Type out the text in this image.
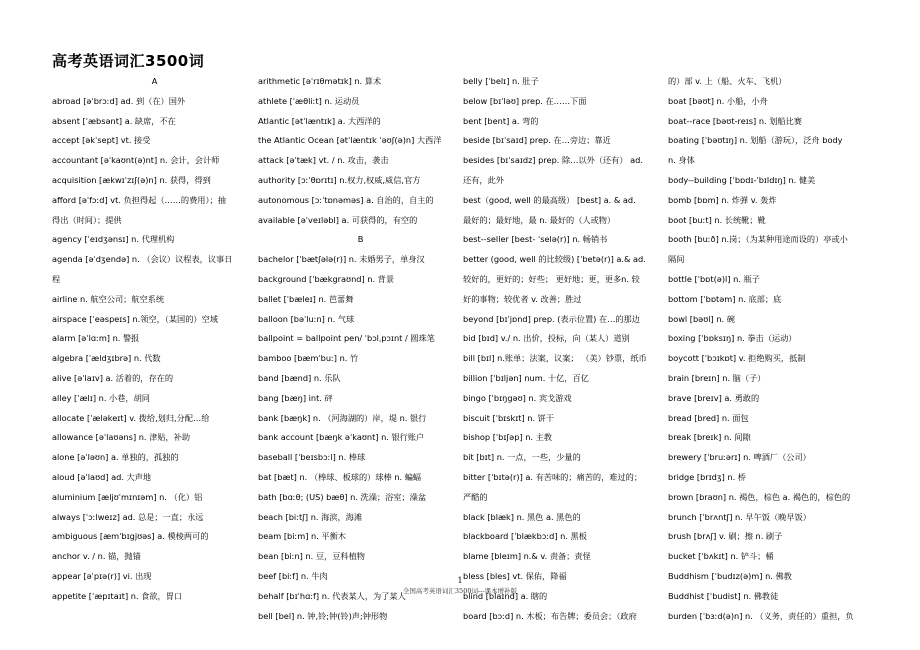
高考英语词汇3500词
A
abroad [əˈbrɔːd] ad. 到（在）国外
absent [ˈæbsənt] a. 缺席，不在
accept [əkˈsept] vt. 接受
accountant [əˈkaʊnt(ə)nt] n. 会计，会计师
acquisition [ækwɪˈzɪʃ(ə)n] n. 获得，得到
afford [əˈfɔːd] vt. 负担得起（……的费用）；抽
得出（时间）；提供
agency [ˈeɪdʒənsɪ] n. 代理机构
agenda [əˈdʒendə] n. （会议）议程表，议事日
程
airline n. 航空公司；航空系统
airspace [ˈeəspeɪs] n.领空，（某国的）空域
alarm [əˈlɑːm] n. 警报
algebra [ˈældʒɪbrə] n. 代数
alive [əˈlaɪv] a. 活着的，存在的
alley [ˈælɪ] n. 小巷，胡同
allocate [ˈæləkeɪt] v. 拨给,划归,分配…给
allowance [əˈlaʊəns] n. 津贴，补助
alone [əˈləʊn] a. 单独的，孤独的
aloud [əˈlaʊd] ad. 大声地
aluminium [æljʊˈmɪnɪəm] n. （化）铝
always [ˈɔːlweɪz] ad. 总是；一直；永远
ambiguous [æmˈbɪgjʊəs] a. 模棱两可的
anchor v. / n. 锚，抛锚
appear [əˈpɪə(r)] vi. 出现
appetite [ˈæpɪtaɪt] n. 食欲，胃口
arithmetic [əˈrɪθmətɪk] n. 算术
athlete [ˈæθliːt] n. 运动员
Atlantic [ətˈlæntɪk] a. 大西洋的
the Atlantic Ocean [ətˈlæntɪk ˈəʊʃ(ə)n] 大西洋
attack [əˈtæk] vt. / n. 攻击，袭击
authority [ɔːˈθɒrɪtɪ] n.权力,权威,威信,官方
autonomous [ɔːˈtɒnəməs] a. 自治的，自主的
available [əˈveɪləbl] a. 可获得的，有空的
B
bachelor [ˈbætʃələ(r)] n. 未婚男子，单身汉
background [ˈbækgraʊnd] n. 背景
ballet [ˈbæleɪ] n. 芭蕾舞
balloon [bəˈluːn] n. 气球
ballpoint = ballpoint pen/ ˈbɔlˌpɔɪnt / 圆珠笔
bamboo [bæmˈbuː] n. 竹
band [bænd] n. 乐队
bang [bæŋ] int. 砰
bank [bæŋk] n. （河海湖的）岸，堤 n. 银行
bank account [bæŋk əˈkaʊnt] n. 银行账户
baseball [ˈbeɪsbɔːl] n. 棒球
bat [bæt] n. （棒球、板球的）球棒 n. 蝙蝠
bath [bɑːθ; (US) bæθ] n. 洗澡；浴室；澡盆
beach [biːtʃ] n. 海滨，海滩
beam [biːm] n. 平衡木
bean [biːn] n. 豆，豆科植物
beef [biːf] n. 牛肉
behalf [bɪˈhɑːf] n. 代表某人，为了某人
bell [bel] n. 钟,铃;钟(铃)声;钟形物
belly [ˈbelɪ] n. 肚子
below [bɪˈləʊ] prep. 在……下面
bent [bent] a. 弯的
beside [bɪˈsaɪd] prep. 在…旁边；靠近
besides [bɪˈsaɪdz] prep. 除…以外（还有） ad.
还有，此外
best（good, well 的最高级） [best] a. & ad.
最好的；最好地，最 n. 最好的（人或物）
best--seller [best- ˈselə(r)] n. 畅销书
better (good, well 的比较级) [ˈbetə(r)] a.& ad.
较好的，更好的；好些； 更好地；更，更多n. 较
好的事物；较优者 v. 改善；胜过
beyond [bɪˈjɒnd] prep. (表示位置) 在…的那边
bid [bɪd] v./ n. 出价，投标，向（某人）道别
bill [bɪl] n.账单；法案，议案； （美）钞票，纸币
billion [ˈbɪljən] num. 十亿，百亿
bingo [ˈbɪŋgəʊ] n. 宾戈游戏
biscuit [ˈbɪskɪt] n. 饼干
bishop [ˈbɪʃəp] n. 主教
bit [bɪt] n. 一点，一些，少量的
bitter [ˈbɪtə(r)] a. 有苦味的；痛苦的，难过的；
严酷的
black [blæk] n. 黑色 a. 黑色的
blackboard [ˈblækbɔːd] n. 黑板
blame [bleɪm] n.& v. 责备；责怪
bless [bles] vt. 保佑，降福
blind [blaɪnd] a. 瞎的
board [bɔːd] n. 木板；布告牌；委员会；（政府
的）部 v. 上（船、火车、飞机）
boat [bəʊt] n. 小船，小舟
boat--race [bəʊt-reɪs] n. 划船比赛
boating [ˈbəʊtɪŋ] n. 划船（游玩），泛舟 body
n. 身体
body--building [ˈbɒdɪ-ˈbɪldɪŋ] n. 健美
bomb [bɒm] n. 炸弹 v. 轰炸
boot [buːt] n. 长统靴；靴
booth [buːð] n.岗；（为某种用途而设的）亭或小
隔间
bottle [ˈbɒt(ə)l] n. 瓶子
bottom [ˈbɒtəm] n. 底部；底
bowl [bəʊl] n. 碗
boxing [ˈbɒksɪŋ] n. 拳击（运动）
boycott [ˈbɔɪkɒt] v. 拒绝购买，抵制
brain [breɪn] n. 脑（子）
brave [breɪv] a. 勇敢的
bread [bred] n. 面包
break [breɪk] n. 间隙
brewery [ˈbruːərɪ] n. 啤酒厂（公司）
bridge [brɪdʒ] n. 桥
brown [braʊn] n. 褐色，棕色 a. 褐色的，棕色的
brunch [ˈbrʌntʃ] n. 早午饭（晚早饭）
brush [brʌʃ] v. 刷；擦 n. 刷子
bucket [ˈbʌkɪt] n. 铲斗；桶
Buddhism [ˈbudɪz(ə)m] n. 佛教
Buddhist [ˈbudist] n. 佛教徒
burden [ˈbɜːd(ə)n] n. （义务，责任的）重担，负
1
全国高考英语词汇3500词---课本增补版
